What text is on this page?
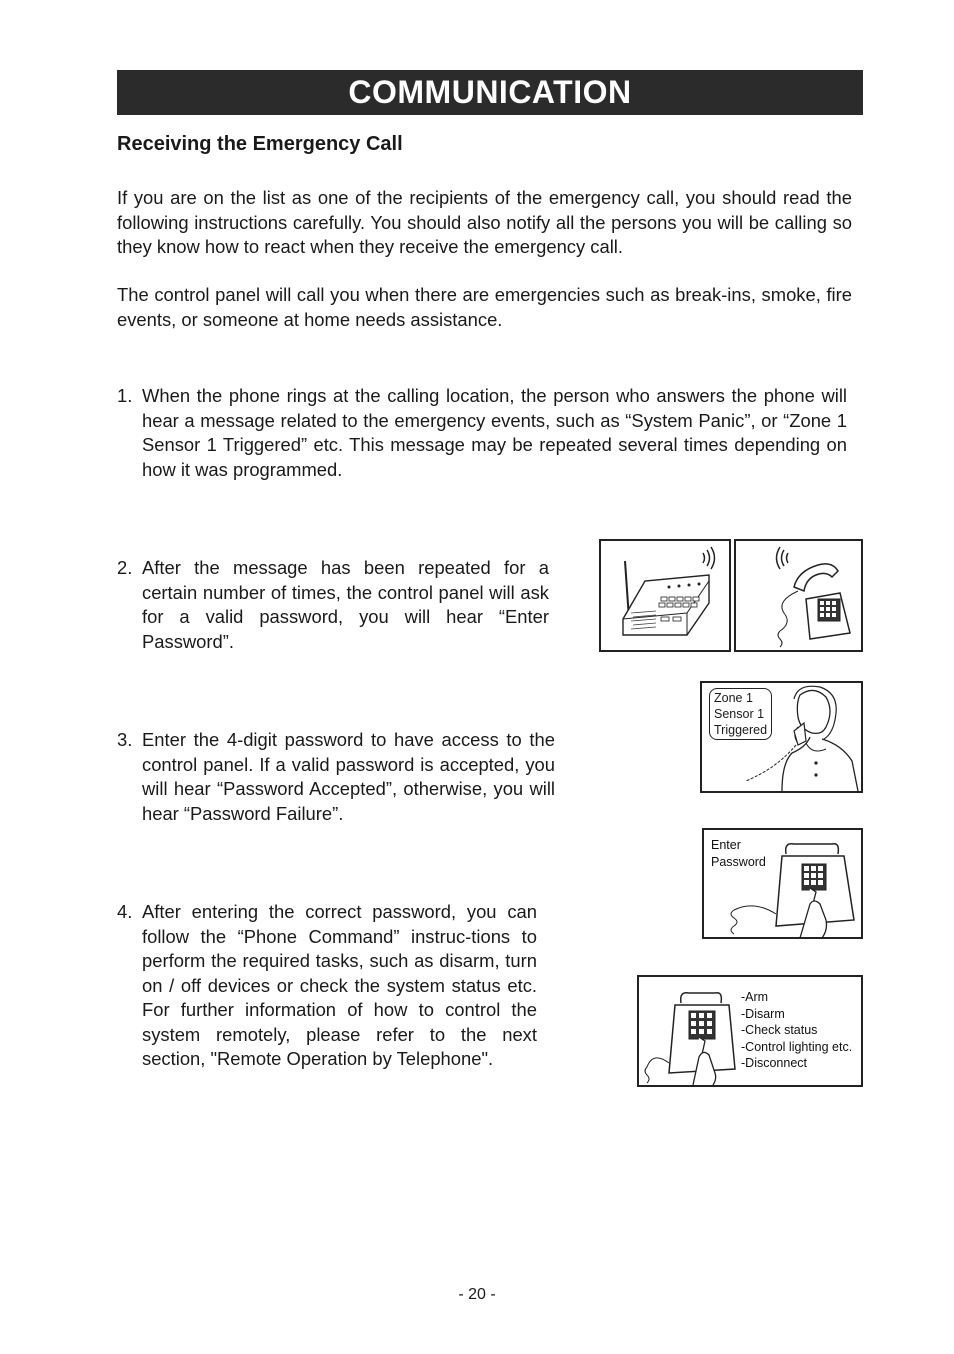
COMMUNICATION
Receiving the Emergency Call

If you are on the list as one of the recipients of the emergency call, you should read the following instructions carefully. You should also notify all the persons you will be calling so they know how to react when they receive the emergency call.

The control panel will call you when there are emergencies such as break-ins, smoke, fire events, or someone at home needs assistance.

1. When the phone rings at the calling location, the person who answers the phone will hear a message related to the emergency events, such as “System Panic”, or “Zone 1 Sensor 1 Triggered” etc. This message may be repeated several times depending on how it was programmed.
2. After the message has been repeated for a certain number of times, the control panel will ask for a valid password, you will hear “Enter Password”.
3. Enter the 4-digit password to have access to the control panel. If a valid password is accepted, you will hear “Password Accepted”, otherwise, you will hear “Password Failure”.
4. After entering the correct password, you can follow the “Phone Command” instruc-tions to perform the required tasks, such as disarm, turn on / off devices or check the system status etc. For further information of how to control the system remotely, please refer to the next section, "Remote Operation by Telephone".
Zone 1
Sensor 1
Triggered
Enter
Password
-Arm
-Disarm
-Check status
-Control lighting etc.
-Disconnect
- 20 -
